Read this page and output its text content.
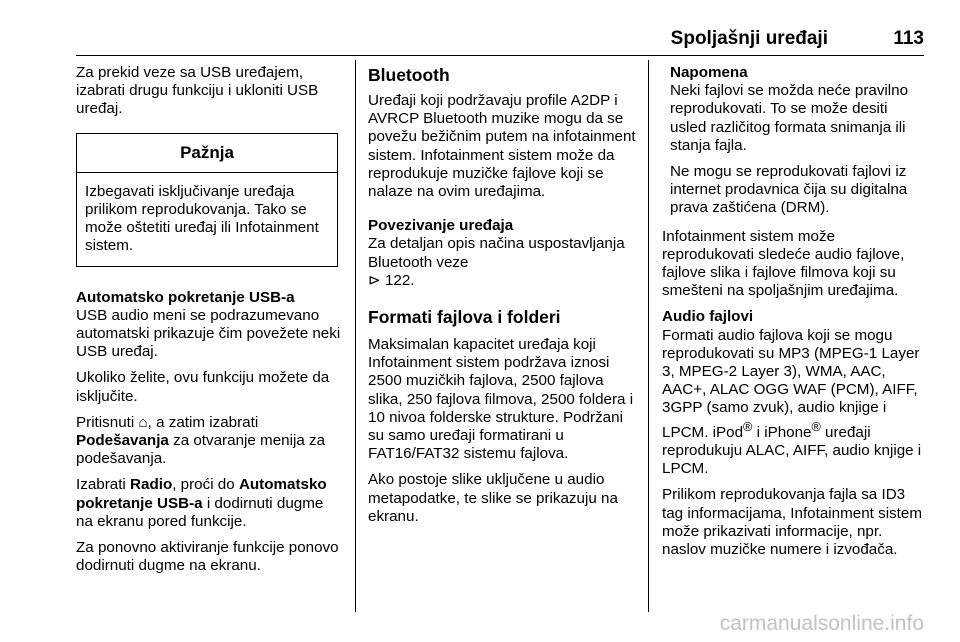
Spoljašnji uređaji	113

Za prekid veze sa USB uređajem, izabrati drugu funkciju i ukloniti USB uređaj.

Pažnja
Izbegavati isključivanje uređaja prilikom reprodukovanja. Tako se može oštetiti uređaj ili Infotainment sistem.
Automatsko pokretanje USB-a

USB audio meni se podrazumevano automatski prikazuje čim povežete neki USB uređaj.

Ukoliko želite, ovu funkciju možete da isključite.

Pritisnuti ⌂, a zatim izabrati Podešavanja za otvaranje menija za podešavanja.

Izabrati Radio, proći do Automatsko pokretanje USB-a i dodirnuti dugme na ekranu pored funkcije.

Za ponovno aktiviranje funkcije ponovo dodirnuti dugme na ekranu.

Bluetooth

Uređaji koji podržavaju profile A2DP i AVRCP Bluetooth muzike mogu da se povežu bežičnim putem na infotainment sistem. Infotainment sistem može da reprodukuje muzičke fajlove koji se nalaze na ovim uređajima.

Povezivanje uređaja

Za detaljan opis načina uspostavljanja Bluetooth veze

⊳ 122.

Formati fajlova i folderi

Maksimalan kapacitet uređaja koji Infotainment sistem podržava iznosi 2500 muzičkih fajlova, 2500 fajlova slika, 250 fajlova filmova, 2500 foldera i 10 nivoa folderske strukture. Podržani su samo uređaji formatirani u FAT16/FAT32 sistemu fajlova.

Ako postoje slike uključene u audio metapodatke, te slike se prikazuju na ekranu.

Napomena

Neki fajlovi se možda neće pravilno reprodukovati. To se može desiti usled različitog formata snimanja ili stanja fajla.

Ne mogu se reprodukovati fajlovi iz internet prodavnica čija su digitalna prava zaštićena (DRM).

Infotainment sistem može reprodukovati sledeće audio fajlove, fajlove slika i fajlove filmova koji su smešteni na spoljašnjim uređajima.

Audio fajlovi

Formati audio fajlova koji se mogu reprodukovati su MP3 (MPEG-1 Layer 3, MPEG-2 Layer 3), WMA, AAC, AAC+, ALAC OGG WAF (PCM), AIFF, 3GPP (samo zvuk), audio knjige i LPCM. iPod® i iPhone® uređaji reprodukuju ALAC, AIFF, audio knjige i LPCM.

Prilikom reprodukovanja fajla sa ID3 tag informacijama, Infotainment sistem može prikazivati informacije, npr. naslov muzičke numere i izvođača.

carmanualsonline.info
